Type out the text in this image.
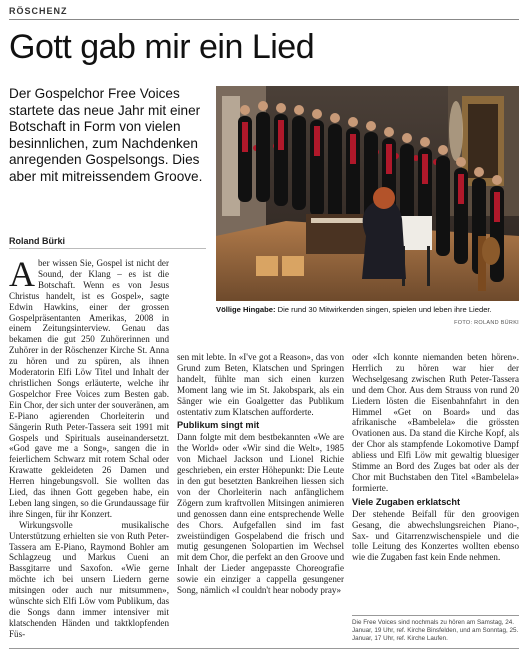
RÖSCHENZ
Gott gab mir ein Lied
Der Gospelchor Free Voices startete das neue Jahr mit einer Botschaft in Form von vielen besinnlichen, zum Nachdenken anregenden Gospelsongs. Dies aber mit mitreissendem Groove.
Roland Bürki
Völlige Hingabe: Die rund 30 Mitwirkenden singen, spielen und leben ihre Lieder.
FOTO: ROLAND BÜRKI

Aber wissen Sie, Gospel ist nicht der Sound, der Klang – es ist die Botschaft. Wenn es von Jesus Christus handelt, ist es Gospel», sagte Edwin Hawkins, einer der grossen Gospelpräsentanten Amerikas, 2008 in einem Zeitungsinterview. Genau das bekamen die gut 250 Zuhörerinnen und Zuhörer in der Röschenzer Kirche St. Anna zu hören und zu spüren, als ihnen Moderatorin Elfi Löw Titel und Inhalt der christlichen Songs erläuterte, welche ihr Gospelchor Free Voices zum Besten gab. Ein Chor, der sich unter der souveränen, am E-Piano agierenden Chorleiterin und Sängerin Ruth Peter-Tassera seit 1991 mit Gospels und Spirituals auseinandersetzt. «God gave me a Song», sangen die in feierlichem Schwarz mit rotem Schal oder Krawatte gekleideten 26 Damen und Herren hingebungsvoll. Sie wollten das Lied, das ihnen Gott gegeben habe, ein Leben lang singen, so die Grundaussage für ihre Singen, für ihr Konzert.

Wirkungsvolle musikalische Unterstützung erhielten sie von Ruth Peter-Tassera am E-Piano, Raymond Bohler am Schlagzeug und Markus Cueni an Bassgitarre und Saxofon. «Wie gerne möchte ich bei unsern Liedern gerne mitsingen oder auch nur mitsummen», wünschte sich Elfi Löw vom Publikum, das die Songs dann immer intensiver mit klatschenden Händen und taktklopfenden Füs-

sen mit lebte. In «I've got a Reason», das von Grund zum Beten, Klatschen und Springen handelt, fühlte man sich einen kurzen Moment lang wie im St. Jakobspark, als ein Sänger wie ein Goalgetter das Publikum ostentativ zum Klatschen aufforderte.

Publikum singt mit

Dann folgte mit dem bestbekannten «We are the World» oder «Wir sind die Welt», 1985 von Michael Jackson und Lionel Richie geschrieben, ein erster Höhepunkt: Die Leute in den gut besetzten Bankreihen liessen sich von der Chorleiterin nach anfänglichem Zögern zum kraftvollen Mitsingen animieren und genossen dann eine entsprechende Welle des Chors. Aufgefallen sind im fast zweistündigen Gospelabend die frisch und mutig gesungenen Solopartien im Wechsel mit dem Chor, die perfekt an den Groove und Inhalt der Lieder angepasste Choreografie sowie ein einziger a cappella gesungener Song, nämlich «I couldn't hear nobody pray»

oder «Ich konnte niemanden beten hören». Herrlich zu hören war hier der Wechselgesang zwischen Ruth Peter-Tassera und dem Chor. Aus dem Strauss von rund 20 Liedern lösten die Eisenbahnfahrt in den Himmel «Get on Board» und das afrikanische «Bambelela» die grössten Ovationen aus. Da stand die Kirche Kopf, als der Chor als stampfende Lokomotive Dampf abliess und Elfi Löw mit gewaltig bluesiger Stimme an Bord des Zuges bat oder als der Chor mit Buchstaben den Titel «Bambelela» formierte.

Viele Zugaben erklatscht

Der stehende Beifall für den groovigen Gesang, die abwechslungsreichen Piano-, Sax- und Gitarrenzwischenspiele und die tolle Leitung des Konzertes wollten ebenso wie die Zugaben fast kein Ende nehmen.

Die Free Voices sind nochmals zu hören am Samstag, 24. Januar, 19 Uhr, ref. Kirche Binsfelden, und am Sonntag, 25. Januar, 17 Uhr, ref. Kirche Laufen.
